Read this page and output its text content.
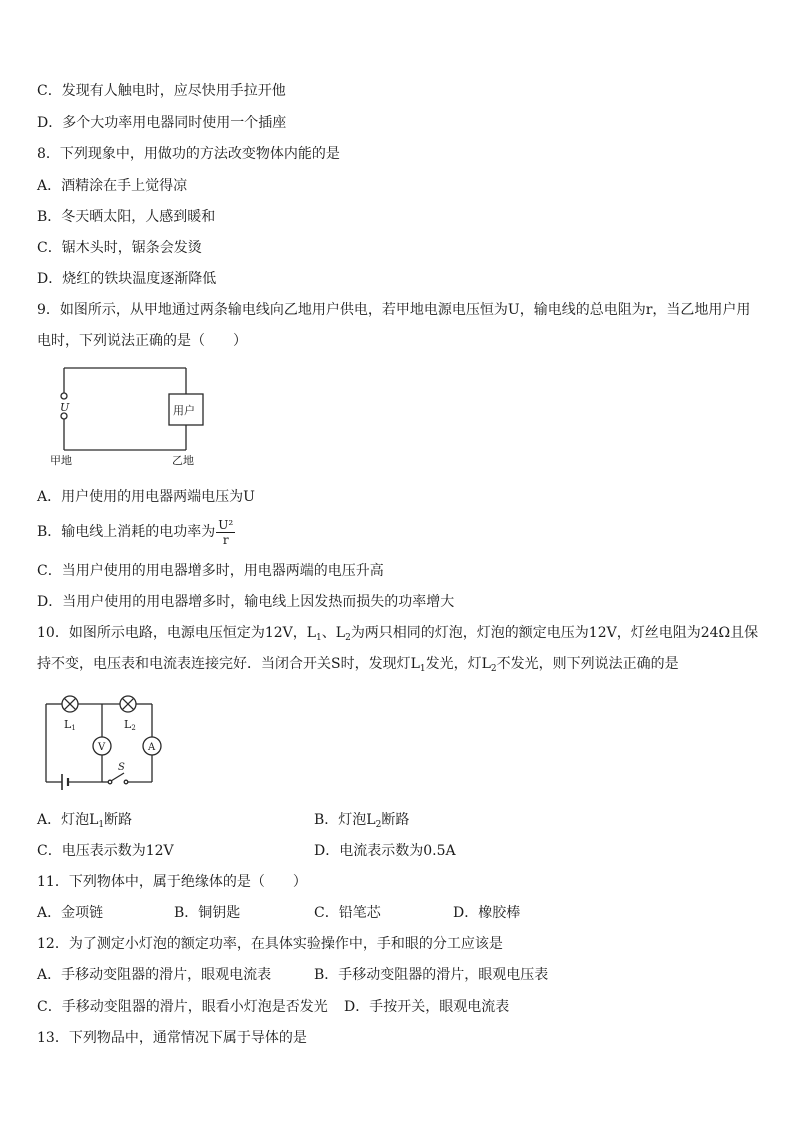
C．发现有人触电时，应尽快用手拉开他
D．多个大功率用电器同时使用一个插座
8．下列现象中，用做功的方法改变物体内能的是
A．酒精涂在手上觉得凉
B．冬天晒太阳，人感到暖和
C．锯木头时，锯条会发烫
D．烧红的铁块温度逐渐降低
9．如图所示，从甲地通过两条输电线向乙地用户供电，若甲地电源电压恒为U，输电线的总电阻为r，当乙地用户用
电时，下列说法正确的是（　　）
U	用户
甲地	乙地
A．用户使用的用电器两端电压为U
B．输电线上消耗的电功率为 $\frac{\text{U²}}{r}$
C．当用户使用的用电器增多时，用电器两端的电压升高
D．当用户使用的用电器增多时，输电线上因发热而损失的功率增大
10．如图所示电路，电源电压恒定为12V，$L_1$、$L_2$为两只相同的灯泡，灯泡的额定电压为12V，灯丝电阻为24Ω且保
持不变，电压表和电流表连接完好．当闭合开关S时，发现灯$L_1$发光，灯$L_2$不发光，则下列说法正确的是
L1	L2
V	A
S
A．灯泡$L_1$断路	B．灯泡$L_2$断路
C．电压表示数为12V	D．电流表示数为0.5A
11．下列物体中，属于绝缘体的是（　　）
A．金项链	B．铜钥匙	C．铅笔芯	D．橡胶棒
12．为了测定小灯泡的额定功率，在具体实验操作中，手和眼的分工应该是
A．手移动变阻器的滑片，眼观电流表	B．手移动变阻器的滑片，眼观电压表
C．手移动变阻器的滑片，眼看小灯泡是否发光 D．手按开关，眼观电流表
13．下列物品中，通常情况下属于导体的是
